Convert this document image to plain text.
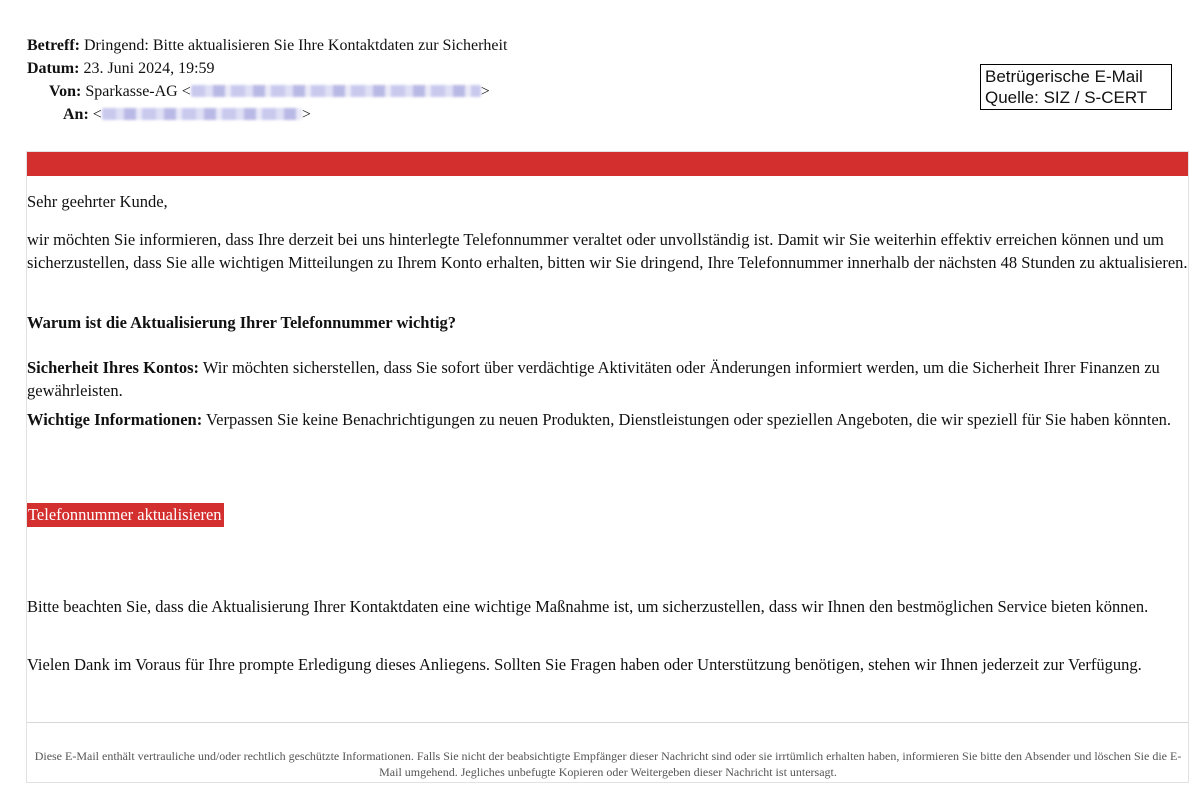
Betreff: Dringend: Bitte aktualisieren Sie Ihre Kontaktdaten zur Sicherheit
Datum: 23. Juni 2024, 19:59
Von: Sparkasse-AG <	>
An: <	>
Betrügerische E-Mail
Quelle: SIZ / S-CERT

Sehr geehrter Kunde,

wir möchten Sie informieren, dass Ihre derzeit bei uns hinterlegte Telefonnummer veraltet oder unvollständig ist. Damit wir Sie weiterhin effektiv erreichen können und um sicherzustellen, dass Sie alle wichtigen Mitteilungen zu Ihrem Konto erhalten, bitten wir Sie dringend, Ihre Telefonnummer innerhalb der nächsten 48 Stunden zu aktualisieren.

Warum ist die Aktualisierung Ihrer Telefonnummer wichtig?

Sicherheit Ihres Kontos: Wir möchten sicherstellen, dass Sie sofort über verdächtige Aktivitäten oder Änderungen informiert werden, um die Sicherheit Ihrer Finanzen zu gewährleisten.

Wichtige Informationen: Verpassen Sie keine Benachrichtigungen zu neuen Produkten, Dienstleistungen oder speziellen Angeboten, die wir speziell für Sie haben könnten.

Telefonnummer aktualisieren

Bitte beachten Sie, dass die Aktualisierung Ihrer Kontaktdaten eine wichtige Maßnahme ist, um sicherzustellen, dass wir Ihnen den bestmöglichen Service bieten können.

Vielen Dank im Voraus für Ihre prompte Erledigung dieses Anliegens. Sollten Sie Fragen haben oder Unterstützung benötigen, stehen wir Ihnen jederzeit zur Verfügung.

Diese E-Mail enthält vertrauliche und/oder rechtlich geschützte Informationen. Falls Sie nicht der beabsichtigte Empfänger dieser Nachricht sind oder sie irrtümlich erhalten haben, informieren Sie bitte den Absender und löschen Sie die E-Mail umgehend. Jegliches unbefugte Kopieren oder Weitergeben dieser Nachricht ist untersagt.
